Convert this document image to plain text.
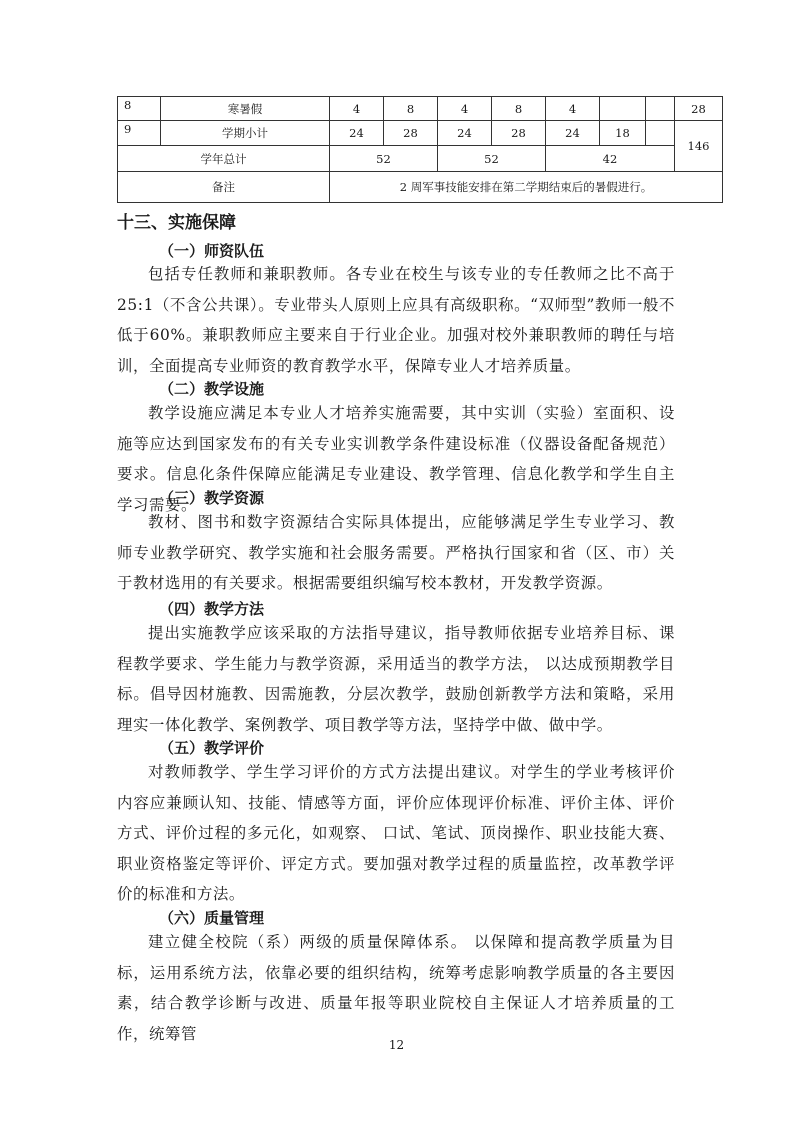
8	寒暑假	4	8	4	8	4			28
9	学期小计	24	28	24	28	24	18		146
学年总计		52		52		42			
备注		2 周军事技能安排在第二学期结束后的暑假进行。							
十三、实施保障
（一）师资队伍

包括专任教师和兼职教师。各专业在校生与该专业的专任教师之比不高于25:1（不含公共课）。专业带头人原则上应具有高级职称。“双师型”教师一般不低于60%。兼职教师应主要来自于行业企业。加强对校外兼职教师的聘任与培训，全面提高专业师资的教育教学水平，保障专业人才培养质量。

（二）教学设施

教学设施应满足本专业人才培养实施需要，其中实训（实验）室面积、设施等应达到国家发布的有关专业实训教学条件建设标准（仪器设备配备规范）要求。信息化条件保障应能满足专业建设、教学管理、信息化教学和学生自主学习需要。

（三）教学资源

教材、图书和数字资源结合实际具体提出，应能够满足学生专业学习、教师专业教学研究、教学实施和社会服务需要。严格执行国家和省（区、市）关于教材选用的有关要求。根据需要组织编写校本教材，开发教学资源。

（四）教学方法

提出实施教学应该采取的方法指导建议，指导教师依据专业培养目标、课程教学要求、学生能力与教学资源，采用适当的教学方法， 以达成预期教学目标。倡导因材施教、因需施教，分层次教学，鼓励创新教学方法和策略，采用理实一体化教学、案例教学、项目教学等方法，坚持学中做、做中学。

（五）教学评价

对教师教学、学生学习评价的方式方法提出建议。对学生的学业考核评价内容应兼顾认知、技能、情感等方面，评价应体现评价标准、评价主体、评价方式、评价过程的多元化，如观察、 口试、笔试、顶岗操作、职业技能大赛、职业资格鉴定等评价、评定方式。要加强对教学过程的质量监控，改革教学评价的标准和方法。

（六）质量管理

建立健全校院（系）两级的质量保障体系。 以保障和提高教学质量为目标，运用系统方法，依靠必要的组织结构，统筹考虑影响教学质量的各主要因素，结合教学诊断与改进、质量年报等职业院校自主保证人才培养质量的工作，统筹管

12
